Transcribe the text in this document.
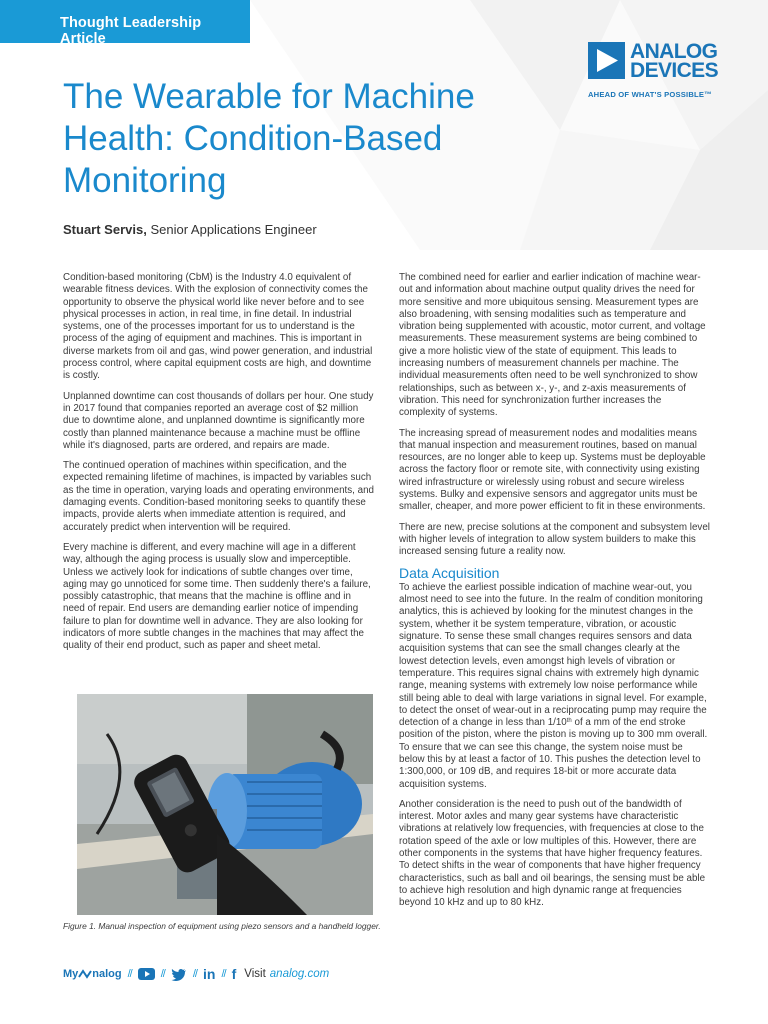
Thought Leadership Article
ANALOG
DEVICES
AHEAD OF WHAT'S POSSIBLE™
The Wearable for Machine Health: Condition-Based Monitoring
Stuart Servis, Senior Applications Engineer

Condition-based monitoring (CbM) is the Industry 4.0 equivalent of wearable fitness devices. With the explosion of connectivity comes the opportunity to observe the physical world like never before and to see physical processes in action, in real time, in fine detail. In industrial systems, one of the processes important for us to understand is the process of the aging of equipment and machines. This is important in diverse markets from oil and gas, wind power generation, and industrial process control, where capital equipment costs are high, and downtime is costly.

Unplanned downtime can cost thousands of dollars per hour. One study in 2017 found that companies reported an average cost of $2 million due to downtime alone, and unplanned downtime is significantly more costly than planned maintenance because a machine must be offline while it's diagnosed, parts are ordered, and repairs are made.

The continued operation of machines within specification, and the expected remaining lifetime of machines, is impacted by variables such as the time in operation, varying loads and operating environments, and damaging events. Condition-based monitoring seeks to quantify these impacts, provide alerts when immediate attention is required, and accurately predict when intervention will be required.

Every machine is different, and every machine will age in a different way, although the aging process is usually slow and imperceptible. Unless we actively look for indications of subtle changes over time, aging may go unnoticed for some time. Then suddenly there's a failure, possibly catastrophic, that means that the machine is offline and in need of repair. End users are demanding earlier notice of impending failure to plan for downtime well in advance. They are also looking for indicators of more subtle changes in the machines that may affect the quality of their end product, such as paper and sheet metal.

Figure 1. Manual inspection of equipment using piezo sensors and a handheld logger.

The combined need for earlier and earlier indication of machine wear-out and information about machine output quality drives the need for more sensitive and more ubiquitous sensing. Measurement types are also broadening, with sensing modalities such as temperature and vibration being supplemented with acoustic, motor current, and voltage measurements. These measurement systems are being combined to give a more holistic view of the state of equipment. This leads to increasing numbers of measurement channels per machine. The individual measurements often need to be well synchronized to show relationships, such as between x-, y-, and z-axis measurements of vibration. This need for synchronization further increases the complexity of systems.

The increasing spread of measurement nodes and modalities means that manual inspection and measurement routines, based on manual resources, are no longer able to keep up. Systems must be deployable across the factory floor or remote site, with connectivity using existing wired infrastructure or wirelessly using robust and secure wireless systems. Bulky and expensive sensors and aggregator units must be smaller, cheaper, and more power efficient to fit in these environments.

There are new, precise solutions at the component and subsystem level with higher levels of integration to allow system builders to make this increased sensing future a reality now.

Data Acquisition

To achieve the earliest possible indication of machine wear-out, you almost need to see into the future. In the realm of condition monitoring analytics, this is achieved by looking for the minutest changes in the system, whether it be system temperature, vibration, or acoustic signature. To sense these small changes requires sensors and data acquisition systems that can see the small changes clearly at the lowest detection levels, even amongst high levels of vibration or temperature. This requires signal chains with extremely high dynamic range, meaning systems with extremely low noise performance while still being able to deal with large variations in signal level. For example, to detect the onset of wear-out in a reciprocating pump may require the detection of a change in less than 1/10th of a mm of the end stroke position of the piston, where the piston is moving up to 300 mm overall. To ensure that we can see this change, the system noise must be below this by at least a factor of 10. This pushes the detection level to 1:300,000, or 109 dB, and requires 18-bit or more accurate data acquisition systems.

Another consideration is the need to push out of the bandwidth of interest. Motor axles and many gear systems have characteristic vibrations at relatively low frequencies, with frequencies at close to the rotation speed of the axle or low multiples of this. However, there are other components in the systems that have higher frequency features. To detect shifts in the wear of components that have higher frequency characteristics, such as ball and oil bearings, the sensing must be able to achieve high resolution and high dynamic range at frequencies beyond 10 kHz and up to 80 kHz.

My nalog //	//	// in // f Visit analog.com
